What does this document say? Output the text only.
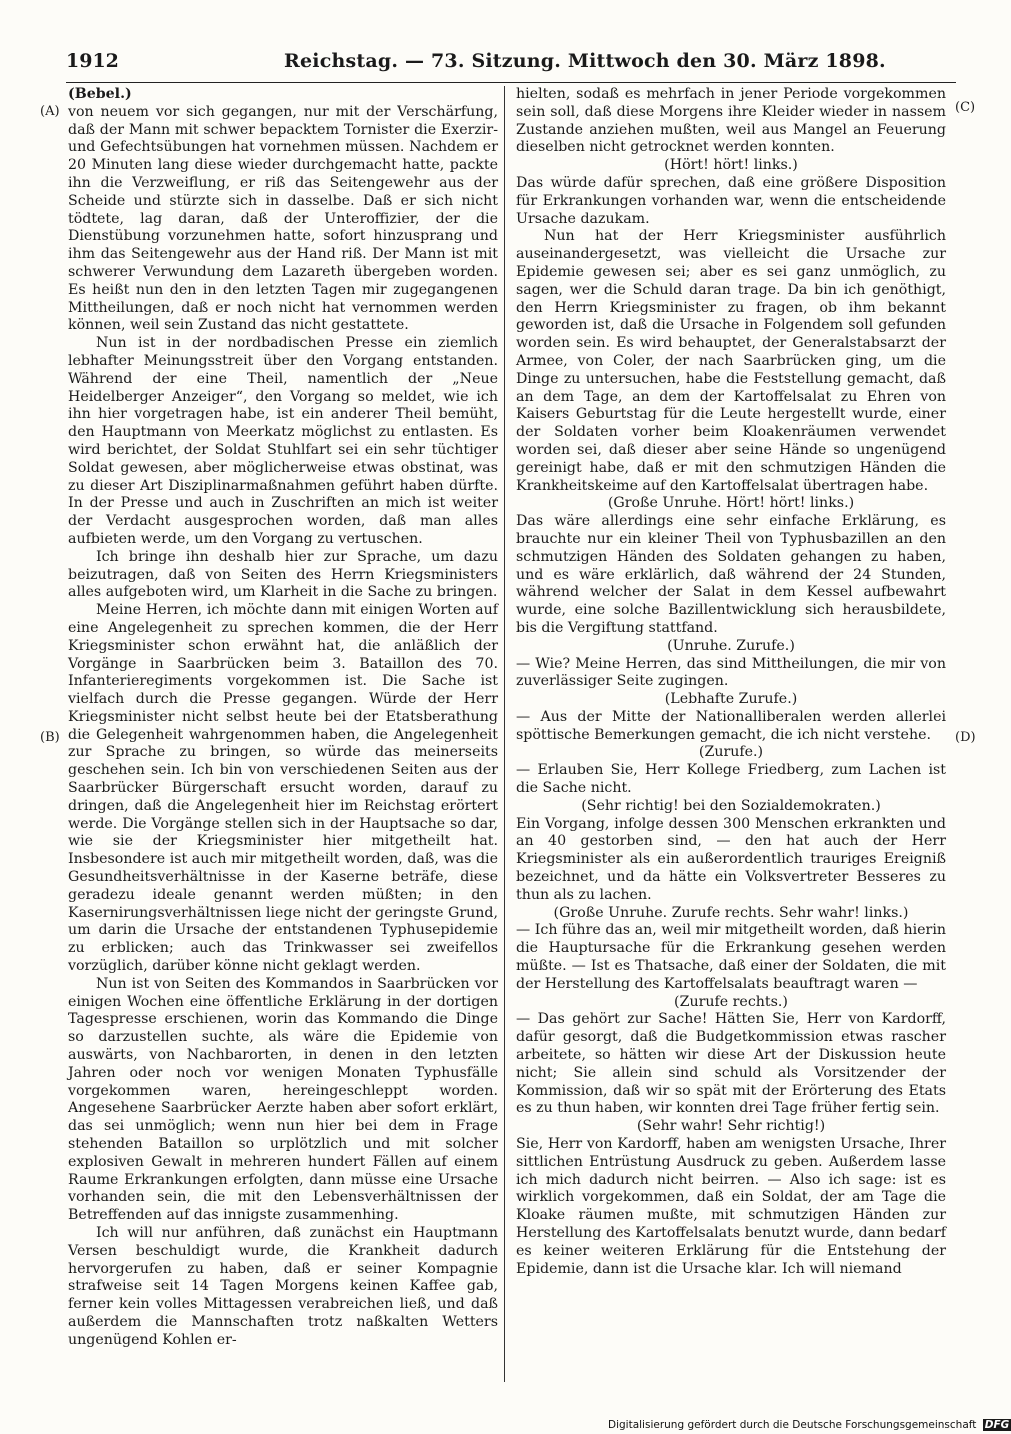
1912	Reichstag. — 73. Sitzung. Mittwoch den 30. März 1898.
(A)
(B)
(C)
(D)
(Bebel.)

von neuem vor sich gegangen, nur mit der Verschärfung, daß der Mann mit schwer bepacktem Tornister die Exerzir- und Gefechtsübungen hat vornehmen müssen. Nachdem er 20 Minuten lang diese wieder durchgemacht hatte, packte ihn die Verzweiflung, er riß das Seitengewehr aus der Scheide und stürzte sich in dasselbe. Daß er sich nicht tödtete, lag daran, daß der Unteroffizier, der die Dienstübung vorzunehmen hatte, sofort hinzusprang und ihm das Seitengewehr aus der Hand riß. Der Mann ist mit schwerer Verwundung dem Lazareth übergeben worden. Es heißt nun den in den letzten Tagen mir zugegangenen Mittheilungen, daß er noch nicht hat vernommen werden können, weil sein Zustand das nicht gestattete.

Nun ist in der nordbadischen Presse ein ziemlich lebhafter Meinungsstreit über den Vorgang entstanden. Während der eine Theil, namentlich der „Neue Heidelberger Anzeiger“, den Vorgang so meldet, wie ich ihn hier vorgetragen habe, ist ein anderer Theil bemüht, den Hauptmann von Meerkatz möglichst zu entlasten. Es wird berichtet, der Soldat Stuhlfart sei ein sehr tüchtiger Soldat gewesen, aber möglicherweise etwas obstinat, was zu dieser Art Disziplinarmaßnahmen geführt haben dürfte. In der Presse und auch in Zuschriften an mich ist weiter der Verdacht ausgesprochen worden, daß man alles aufbieten werde, um den Vorgang zu vertuschen.

Ich bringe ihn deshalb hier zur Sprache, um dazu beizutragen, daß von Seiten des Herrn Kriegsministers alles aufgeboten wird, um Klarheit in die Sache zu bringen.

Meine Herren, ich möchte dann mit einigen Worten auf eine Angelegenheit zu sprechen kommen, die der Herr Kriegsminister schon erwähnt hat, die anläßlich der Vorgänge in Saarbrücken beim 3. Bataillon des 70. Infanterieregiments vorgekommen ist. Die Sache ist vielfach durch die Presse gegangen. Würde der Herr Kriegsminister nicht selbst heute bei der Etatsberathung die Gelegenheit wahrgenommen haben, die Angelegenheit zur Sprache zu bringen, so würde das meinerseits geschehen sein. Ich bin von verschiedenen Seiten aus der Saarbrücker Bürgerschaft ersucht worden, darauf zu dringen, daß die Angelegenheit hier im Reichstag erörtert werde. Die Vorgänge stellen sich in der Hauptsache so dar, wie sie der Kriegsminister hier mitgetheilt hat. Insbesondere ist auch mir mitgetheilt worden, daß, was die Gesundheitsverhältnisse in der Kaserne beträfe, diese geradezu ideale genannt werden müßten; in den Kasernirungsverhältnissen liege nicht der geringste Grund, um darin die Ursache der entstandenen Typhusepidemie zu erblicken; auch das Trinkwasser sei zweifellos vorzüglich, darüber könne nicht geklagt werden.

Nun ist von Seiten des Kommandos in Saarbrücken vor einigen Wochen eine öffentliche Erklärung in der dortigen Tagespresse erschienen, worin das Kommando die Dinge so darzustellen suchte, als wäre die Epidemie von auswärts, von Nachbarorten, in denen in den letzten Jahren oder noch vor wenigen Monaten Typhusfälle vorgekommen waren, hereingeschleppt worden. Angesehene Saarbrücker Aerzte haben aber sofort erklärt, das sei unmöglich; wenn nun hier bei dem in Frage stehenden Bataillon so urplötzlich und mit solcher explosiven Gewalt in mehreren hundert Fällen auf einem Raume Erkrankungen erfolgten, dann müsse eine Ursache vorhanden sein, die mit den Lebensverhältnissen der Betreffenden auf das innigste zusammenhing.

Ich will nur anführen, daß zunächst ein Hauptmann Versen beschuldigt wurde, die Krankheit dadurch hervorgerufen zu haben, daß er seiner Kompagnie strafweise seit 14 Tagen Morgens keinen Kaffee gab, ferner kein volles Mittagessen verabreichen ließ, und daß außerdem die Mannschaften trotz naßkalten Wetters ungenügend Kohlen er-

hielten, sodaß es mehrfach in jener Periode vorgekommen sein soll, daß diese Morgens ihre Kleider wieder in nassem Zustande anziehen mußten, weil aus Mangel an Feuerung dieselben nicht getrocknet werden konnten.

(Hört! hört! links.)

Das würde dafür sprechen, daß eine größere Disposition für Erkrankungen vorhanden war, wenn die entscheidende Ursache dazukam.

Nun hat der Herr Kriegsminister ausführlich auseinandergesetzt, was vielleicht die Ursache zur Epidemie gewesen sei; aber es sei ganz unmöglich, zu sagen, wer die Schuld daran trage. Da bin ich genöthigt, den Herrn Kriegsminister zu fragen, ob ihm bekannt geworden ist, daß die Ursache in Folgendem soll gefunden worden sein. Es wird behauptet, der Generalstabsarzt der Armee, von Coler, der nach Saarbrücken ging, um die Dinge zu untersuchen, habe die Feststellung gemacht, daß an dem Tage, an dem der Kartoffelsalat zu Ehren von Kaisers Geburtstag für die Leute hergestellt wurde, einer der Soldaten vorher beim Kloakenräumen verwendet worden sei, daß dieser aber seine Hände so ungenügend gereinigt habe, daß er mit den schmutzigen Händen die Krankheitskeime auf den Kartoffelsalat übertragen habe.

(Große Unruhe. Hört! hört! links.)

Das wäre allerdings eine sehr einfache Erklärung, es brauchte nur ein kleiner Theil von Typhusbazillen an den schmutzigen Händen des Soldaten gehangen zu haben, und es wäre erklärlich, daß während der 24 Stunden, während welcher der Salat in dem Kessel aufbewahrt wurde, eine solche Bazillentwicklung sich herausbildete, bis die Vergiftung stattfand.

(Unruhe. Zurufe.)

— Wie? Meine Herren, das sind Mittheilungen, die mir von zuverlässiger Seite zugingen.

(Lebhafte Zurufe.)

— Aus der Mitte der Nationalliberalen werden allerlei spöttische Bemerkungen gemacht, die ich nicht verstehe.

(Zurufe.)

— Erlauben Sie, Herr Kollege Friedberg, zum Lachen ist die Sache nicht.

(Sehr richtig! bei den Sozialdemokraten.)

Ein Vorgang, infolge dessen 300 Menschen erkrankten und an 40 gestorben sind, — den hat auch der Herr Kriegsminister als ein außerordentlich trauriges Ereigniß bezeichnet, und da hätte ein Volksvertreter Besseres zu thun als zu lachen.

(Große Unruhe. Zurufe rechts. Sehr wahr! links.)

— Ich führe das an, weil mir mitgetheilt worden, daß hierin die Hauptursache für die Erkrankung gesehen werden müßte. — Ist es Thatsache, daß einer der Soldaten, die mit der Herstellung des Kartoffelsalats beauftragt waren —

(Zurufe rechts.)

— Das gehört zur Sache! Hätten Sie, Herr von Kardorff, dafür gesorgt, daß die Budgetkommission etwas rascher arbeitete, so hätten wir diese Art der Diskussion heute nicht; Sie allein sind schuld als Vorsitzender der Kommission, daß wir so spät mit der Erörterung des Etats es zu thun haben, wir konnten drei Tage früher fertig sein.

(Sehr wahr! Sehr richtig!)

Sie, Herr von Kardorff, haben am wenigsten Ursache, Ihrer sittlichen Entrüstung Ausdruck zu geben. Außerdem lasse ich mich dadurch nicht beirren. — Also ich sage: ist es wirklich vorgekommen, daß ein Soldat, der am Tage die Kloake räumen mußte, mit schmutzigen Händen zur Herstellung des Kartoffelsalats benutzt wurde, dann bedarf es keiner weiteren Erklärung für die Entstehung der Epidemie, dann ist die Ursache klar. Ich will niemand

Digitalisierung gefördert durch die Deutsche Forschungsgemeinschaft DFG
